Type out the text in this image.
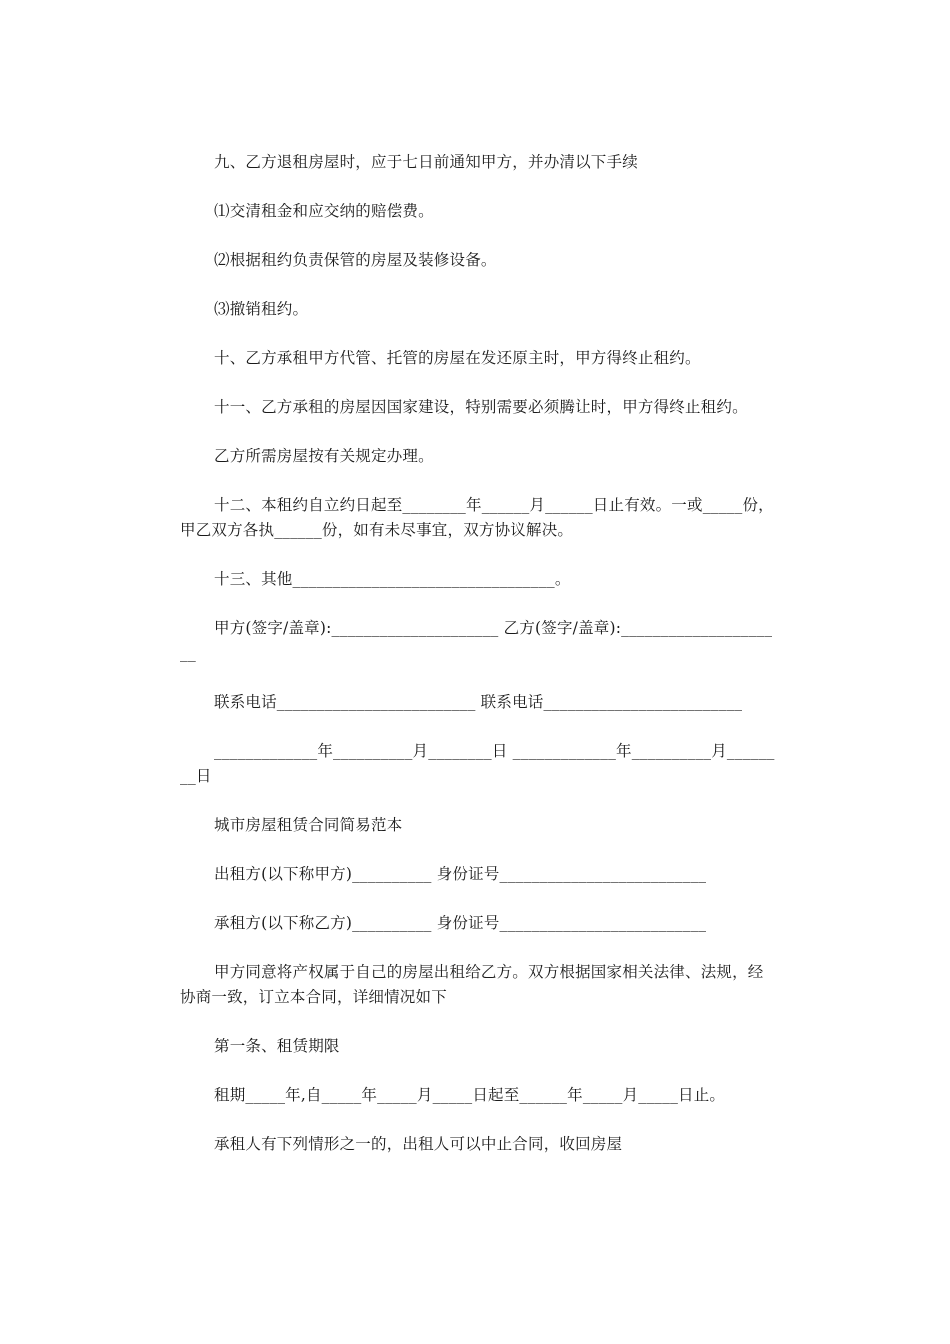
九、乙方退租房屋时，应于七日前通知甲方，并办清以下手续

⑴交清租金和应交纳的赔偿费。

⑵根据租约负责保管的房屋及装修设备。

⑶撤销租约。

十、乙方承租甲方代管、托管的房屋在发还原主时，甲方得终止租约。

十一、乙方承租的房屋因国家建设，特别需要必须腾让时，甲方得终止租约。

乙方所需房屋按有关规定办理。

十二、本租约自立约日起至________年______月______日止有效。一或_____份，甲乙双方各执______份，如有未尽事宜，双方协议解决。

十三、其他_________________________________。

甲方(签字/盖章):_____________________ 乙方(签字/盖章):_____________________

联系电话_________________________ 联系电话_________________________

_____________年__________月________日 _____________年__________月________日

城市房屋租赁合同简易范本

出租方(以下称甲方)__________ 身份证号__________________________

承租方(以下称乙方)__________ 身份证号__________________________

甲方同意将产权属于自己的房屋出租给乙方。双方根据国家相关法律、法规，经协商一致，订立本合同，详细情况如下

第一条、租赁期限

租期_____年,自_____年_____月_____日起至______年_____月_____日止。

承租人有下列情形之一的，出租人可以中止合同，收回房屋
